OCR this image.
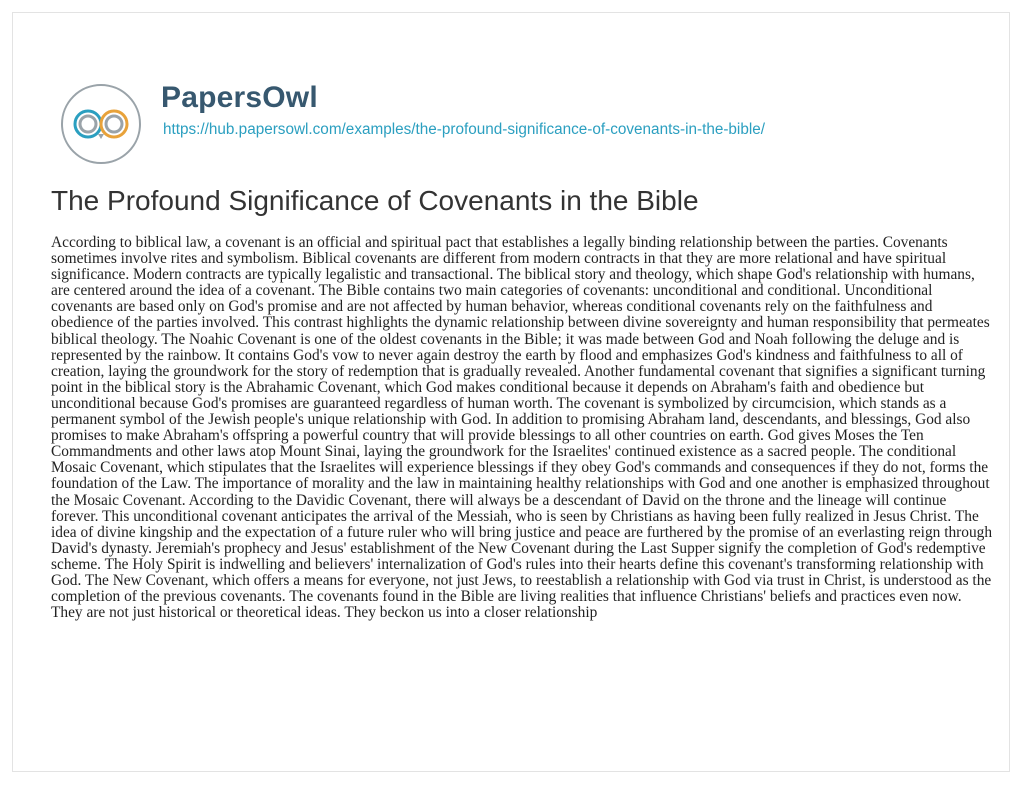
PapersOwl
https://hub.papersowl.com/examples/the-profound-significance-of-covenants-in-the-bible/
The Profound Significance of Covenants in the Bible

According to biblical law, a covenant is an official and spiritual pact that establishes a legally binding relationship between the parties. Covenants sometimes involve rites and symbolism. Biblical covenants are different from modern contracts in that they are more relational and have spiritual significance. Modern contracts are typically legalistic and transactional. The biblical story and theology, which shape God's relationship with humans, are centered around the idea of a covenant. The Bible contains two main categories of covenants: unconditional and conditional. Unconditional covenants are based only on God's promise and are not affected by human behavior, whereas conditional covenants rely on the faithfulness and obedience of the parties involved. This contrast highlights the dynamic relationship between divine sovereignty and human responsibility that permeates biblical theology. The Noahic Covenant is one of the oldest covenants in the Bible; it was made between God and Noah following the deluge and is represented by the rainbow. It contains God's vow to never again destroy the earth by flood and emphasizes God's kindness and faithfulness to all of creation, laying the groundwork for the story of redemption that is gradually revealed. Another fundamental covenant that signifies a significant turning point in the biblical story is the Abrahamic Covenant, which God makes conditional because it depends on Abraham's faith and obedience but unconditional because God's promises are guaranteed regardless of human worth. The covenant is symbolized by circumcision, which stands as a permanent symbol of the Jewish people's unique relationship with God. In addition to promising Abraham land, descendants, and blessings, God also promises to make Abraham's offspring a powerful country that will provide blessings to all other countries on earth. God gives Moses the Ten Commandments and other laws atop Mount Sinai, laying the groundwork for the Israelites' continued existence as a sacred people. The conditional Mosaic Covenant, which stipulates that the Israelites will experience blessings if they obey God's commands and consequences if they do not, forms the foundation of the Law. The importance of morality and the law in maintaining healthy relationships with God and one another is emphasized throughout the Mosaic Covenant. According to the Davidic Covenant, there will always be a descendant of David on the throne and the lineage will continue forever. This unconditional covenant anticipates the arrival of the Messiah, who is seen by Christians as having been fully realized in Jesus Christ. The idea of divine kingship and the expectation of a future ruler who will bring justice and peace are furthered by the promise of an everlasting reign through David's dynasty. Jeremiah's prophecy and Jesus' establishment of the New Covenant during the Last Supper signify the completion of God's redemptive scheme. The Holy Spirit is indwelling and believers' internalization of God's rules into their hearts define this covenant's transforming relationship with God. The New Covenant, which offers a means for everyone, not just Jews, to reestablish a relationship with God via trust in Christ, is understood as the completion of the previous covenants. The covenants found in the Bible are living realities that influence Christians' beliefs and practices even now. They are not just historical or theoretical ideas. They beckon us into a closer relationship
